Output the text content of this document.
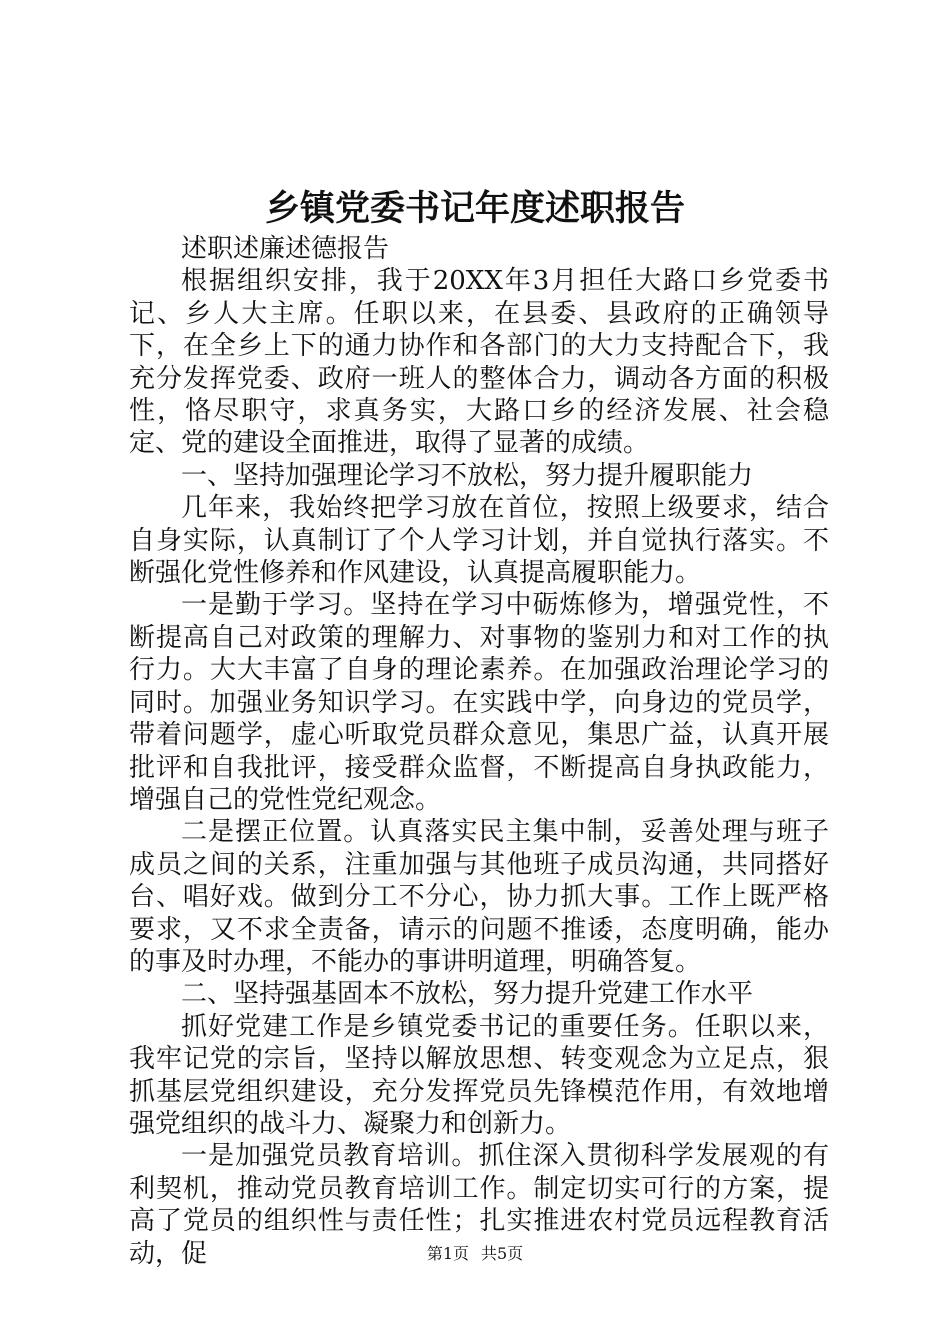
乡镇党委书记年度述职报告

述职述廉述德报告

根据组织安排，我于20XX年3月担任大路口乡党委书记、乡人大主席。任职以来，在县委、县政府的正确领导下，在全乡上下的通力协作和各部门的大力支持配合下，我充分发挥党委、政府一班人的整体合力，调动各方面的积极性，恪尽职守，求真务实，大路口乡的经济发展、社会稳定、党的建设全面推进，取得了显著的成绩。

一、坚持加强理论学习不放松，努力提升履职能力

几年来，我始终把学习放在首位，按照上级要求，结合自身实际，认真制订了个人学习计划，并自觉执行落实。不断强化党性修养和作风建设，认真提高履职能力。

一是勤于学习。坚持在学习中砺炼修为，增强党性，不断提高自己对政策的理解力、对事物的鉴别力和对工作的执行力。大大丰富了自身的理论素养。在加强政治理论学习的同时。加强业务知识学习。在实践中学，向身边的党员学，带着问题学，虚心听取党员群众意见，集思广益，认真开展批评和自我批评，接受群众监督，不断提高自身执政能力，增强自己的党性党纪观念。

二是摆正位置。认真落实民主集中制，妥善处理与班子成员之间的关系，注重加强与其他班子成员沟通，共同搭好台、唱好戏。做到分工不分心，协力抓大事。工作上既严格要求，又不求全责备，请示的问题不推诿，态度明确，能办的事及时办理，不能办的事讲明道理，明确答复。

二、坚持强基固本不放松，努力提升党建工作水平

抓好党建工作是乡镇党委书记的重要任务。任职以来，我牢记党的宗旨，坚持以解放思想、转变观念为立足点，狠抓基层党组织建设，充分发挥党员先锋模范作用，有效地增强党组织的战斗力、凝聚力和创新力。

一是加强党员教育培训。抓住深入贯彻科学发展观的有利契机，推动党员教育培训工作。制定切实可行的方案，提高了党员的组织性与责任性；扎实推进农村党员远程教育活动，促	第1页 共5页
